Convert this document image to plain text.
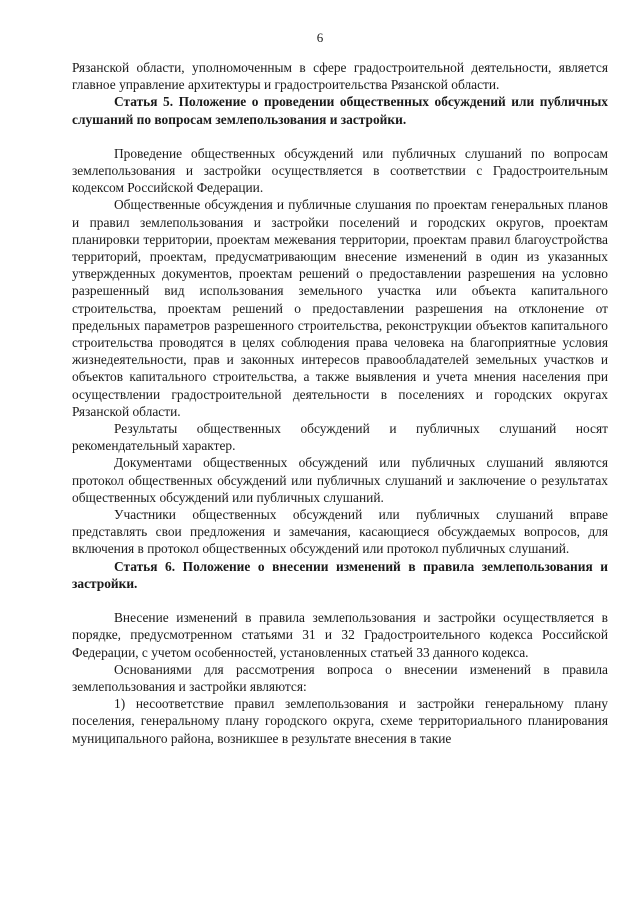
6

Рязанской области, уполномоченным в сфере градостроительной деятельности, является главное управление архитектуры и градостроительства Рязанской области.

Статья 5. Положение о проведении общественных обсуждений или публичных слушаний по вопросам землепользования и застройки.

Проведение общественных обсуждений или публичных слушаний по вопросам землепользования и застройки осуществляется в соответствии с Градостроительным кодексом Российской Федерации.

Общественные обсуждения и публичные слушания по проектам генеральных планов и правил землепользования и застройки поселений и городских округов, проектам планировки территории, проектам межевания территории, проектам правил благоустройства территорий, проектам, предусматривающим внесение изменений в один из указанных утвержденных документов, проектам решений о предоставлении разрешения на условно разрешенный вид использования земельного участка или объекта капитального строительства, проектам решений о предоставлении разрешения на отклонение от предельных параметров разрешенного строительства, реконструкции объектов капитального строительства проводятся в целях соблюдения права человека на благоприятные условия жизнедеятельности, прав и законных интересов правообладателей земельных участков и объектов капитального строительства, а также выявления и учета мнения населения при осуществлении градостроительной деятельности в поселениях и городских округах Рязанской области.

Результаты общественных обсуждений и публичных слушаний носят рекомендательный характер.

Документами общественных обсуждений или публичных слушаний являются протокол общественных обсуждений или публичных слушаний и заключение о результатах общественных обсуждений или публичных слушаний.

Участники общественных обсуждений или публичных слушаний вправе представлять свои предложения и замечания, касающиеся обсуждаемых вопросов, для включения в протокол общественных обсуждений или протокол публичных слушаний.

Статья 6. Положение о внесении изменений в правила землепользования и застройки.

Внесение изменений в правила землепользования и застройки осуществляется в порядке, предусмотренном статьями 31 и 32 Градостроительного кодекса Российской Федерации, с учетом особенностей, установленных статьей 33 данного кодекса.

Основаниями для рассмотрения вопроса о внесении изменений в правила землепользования и застройки являются:

1) несоответствие правил землепользования и застройки генеральному плану поселения, генеральному плану городского округа, схеме территориального планирования муниципального района, возникшее в результате внесения в такие
